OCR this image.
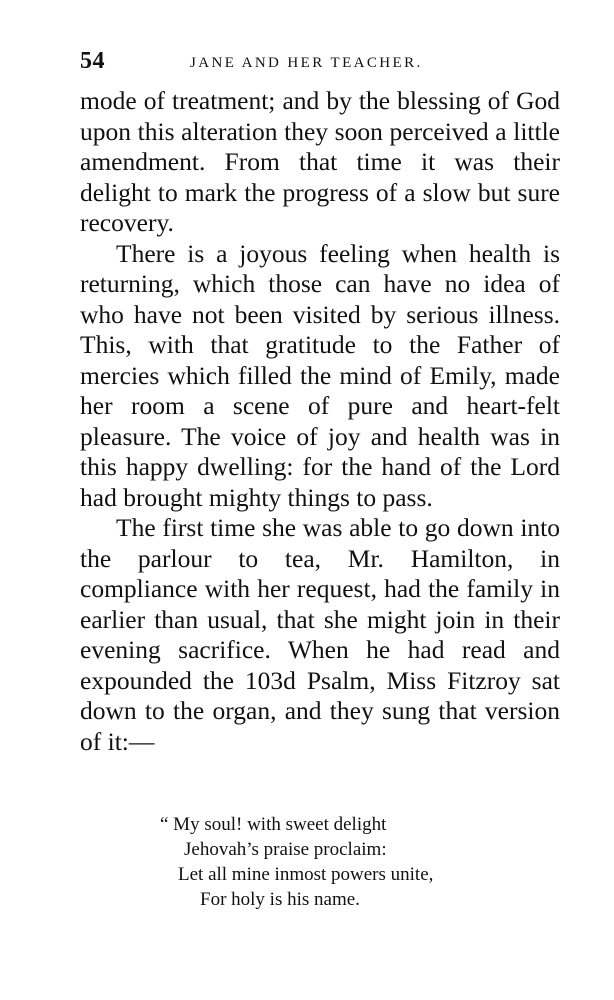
54	JANE AND HER TEACHER.

mode of treatment; and by the blessing of God upon this alteration they soon perceived a little amendment. From that time it was their delight to mark the progress of a slow but sure recovery.

There is a joyous feeling when health is returning, which those can have no idea of who have not been visited by serious illness. This, with that gratitude to the Father of mercies which filled the mind of Emily, made her room a scene of pure and heart-felt pleasure. The voice of joy and health was in this happy dwelling: for the hand of the Lord had brought mighty things to pass.

The first time she was able to go down into the parlour to tea, Mr. Hamilton, in compliance with her request, had the family in earlier than usual, that she might join in their evening sacrifice. When he had read and expounded the 103d Psalm, Miss Fitzroy sat down to the organ, and they sung that version of it:—

“ My soul! with sweet delight
Jehovah’s praise proclaim:
Let all mine inmost powers unite,
For holy is his name.
